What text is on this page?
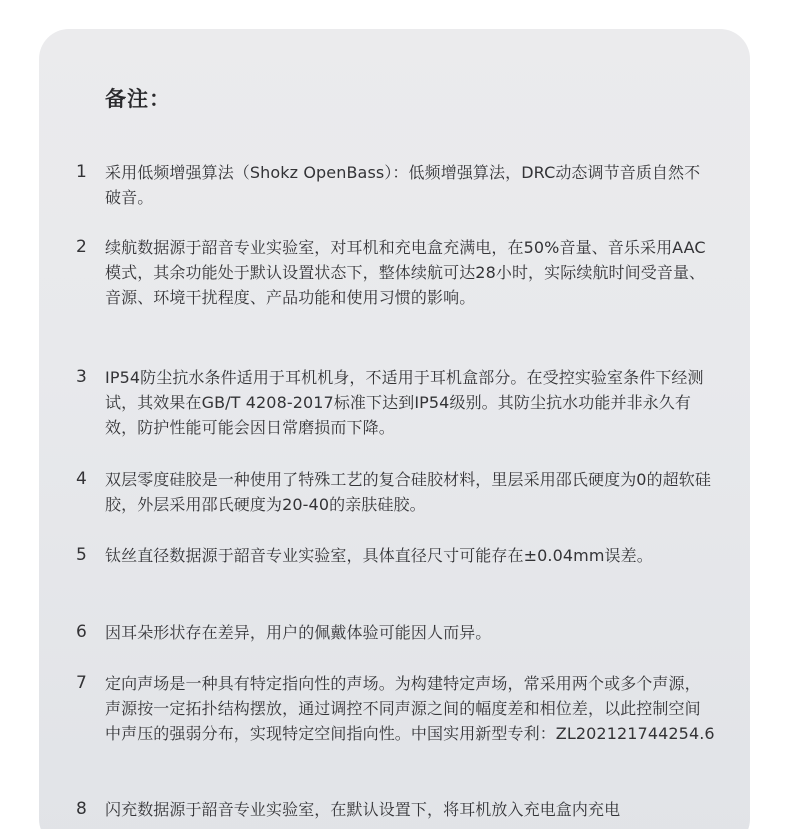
备注：
1 采用低频增强算法（Shokz OpenBass）：低频增强算法，DRC动态调节音质自然不破音。

2 续航数据源于韶音专业实验室，对耳机和充电盒充满电，在50%音量、音乐采用AAC模式，其余功能处于默认设置状态下，整体续航可达28小时，实际续航时间受音量、音源、环境干扰程度、产品功能和使用习惯的影响。

3 IP54防尘抗水条件适用于耳机机身，不适用于耳机盒部分。在受控实验室条件下经测试，其效果在GB/T 4208-2017标准下达到IP54级别。其防尘抗水功能并非永久有效，防护性能可能会因日常磨损而下降。

4 双层零度硅胶是一种使用了特殊工艺的复合硅胶材料，里层采用邵氏硬度为0的超软硅胶，外层采用邵氏硬度为20-40的亲肤硅胶。

5 钛丝直径数据源于韶音专业实验室，具体直径尺寸可能存在±0.04mm误差。

6 因耳朵形状存在差异，用户的佩戴体验可能因人而异。

7 定向声场是一种具有特定指向性的声场。为构建特定声场，常采用两个或多个声源，声源按一定拓扑结构摆放，通过调控不同声源之间的幅度差和相位差，以此控制空间中声压的强弱分布，实现特定空间指向性。中国实用新型专利：ZL202121744254.6

8 闪充数据源于韶音专业实验室，在默认设置下，将耳机放入充电盒内充电
